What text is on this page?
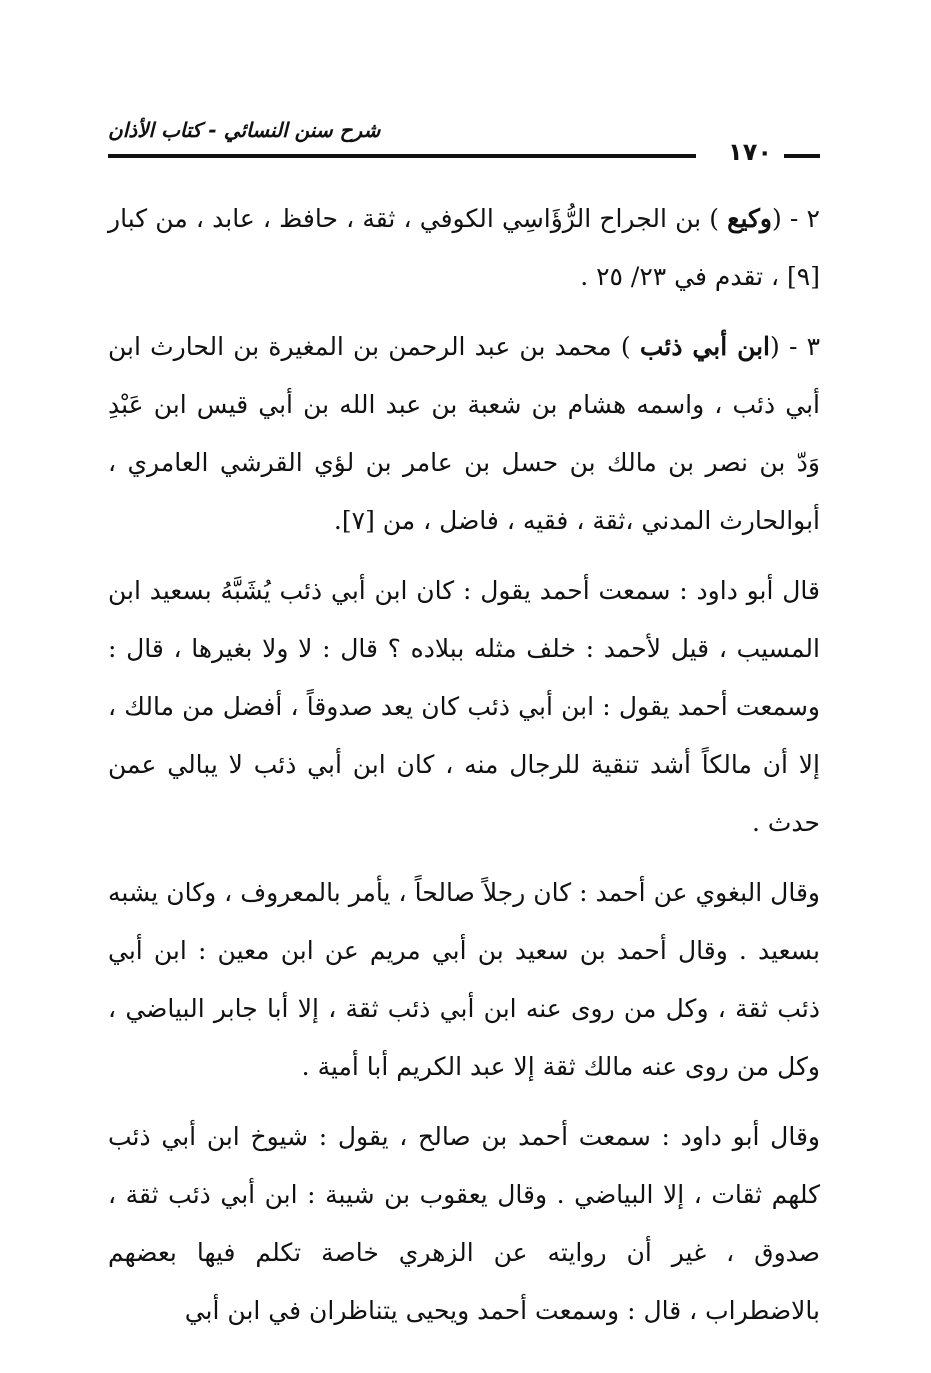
شرح سنن النسائي - كتاب الأذان
١٧٠

٢ - (وكيع ) بن الجراح الرُّؤَاسِي الكوفي ، ثقة ، حافظ ، عابد ، من كبار [٩] ، تقدم في ٢٣/ ٢٥ .

٣ - (ابن أبي ذئب ) محمد بن عبد الرحمن بن المغيرة بن الحارث ابن أبي ذئب ، واسمه هشام بن شعبة بن عبد الله بن أبي قيس ابن عَبْدِ وَدّ بن نصر بن مالك بن حسل بن عامر بن لؤي القرشي العامري ، أبوالحارث المدني ،ثقة ، فقيه ، فاضل ، من [٧].

قال أبو داود : سمعت أحمد يقول : كان ابن أبي ذئب يُشَبَّهُ بسعيد ابن المسيب ، قيل لأحمد : خلف مثله ببلاده ؟ قال : لا ولا بغيرها ، قال : وسمعت أحمد يقول : ابن أبي ذئب كان يعد صدوقاً ، أفضل من مالك ، إلا أن مالكاً أشد تنقية للرجال منه ، كان ابن أبي ذئب لا يبالي عمن حدث .

وقال البغوي عن أحمد : كان رجلاً صالحاً ، يأمر بالمعروف ، وكان يشبه بسعيد . وقال أحمد بن سعيد بن أبي مريم عن ابن معين : ابن أبي ذئب ثقة ، وكل من روى عنه ابن أبي ذئب ثقة ، إلا أبا جابر البياضي ، وكل من روى عنه مالك ثقة إلا عبد الكريم أبا أمية .

وقال أبو داود : سمعت أحمد بن صالح ، يقول : شيوخ ابن أبي ذئب كلهم ثقات ، إلا البياضي . وقال يعقوب بن شيبة : ابن أبي ذئب ثقة ، صدوق ، غير أن روايته عن الزهري خاصة تكلم فيها بعضهم بالاضطراب ، قال : وسمعت أحمد ويحيى يتناظران في ابن أبي
